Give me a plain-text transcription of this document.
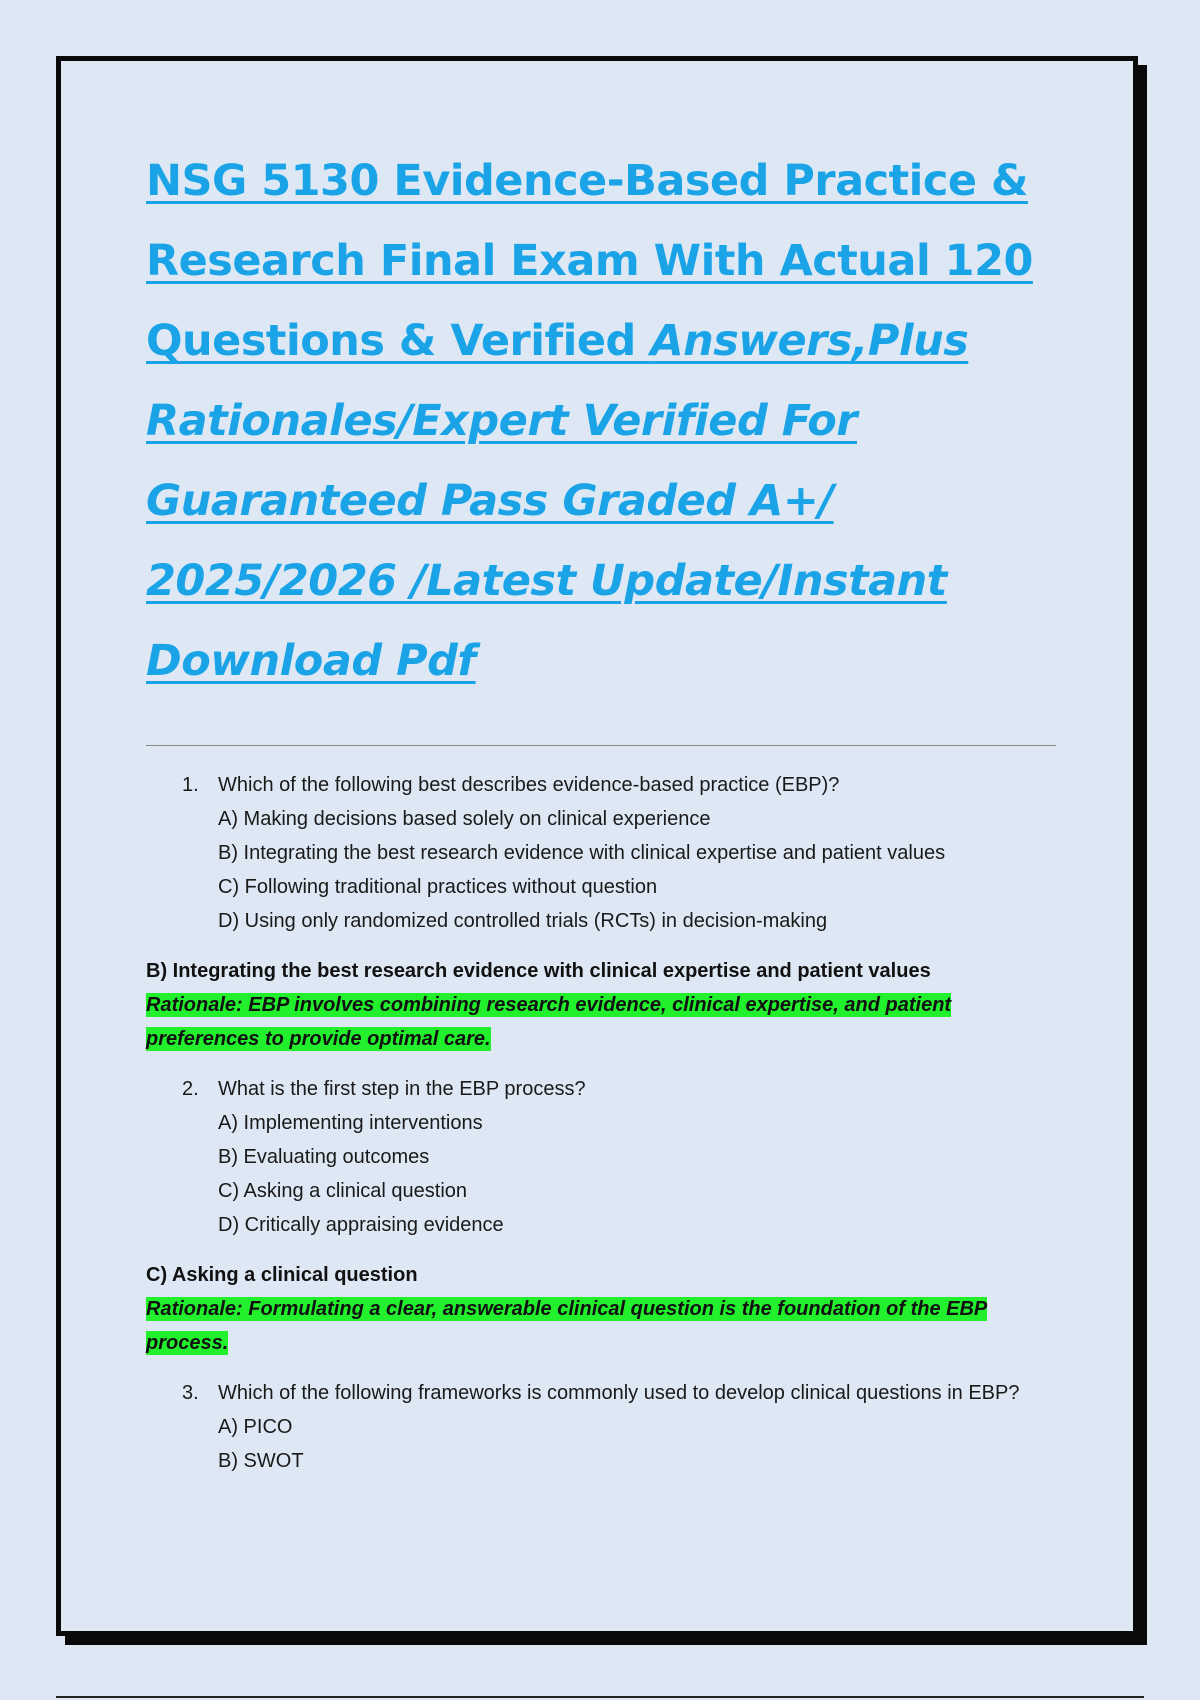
NSG 5130 Evidence-Based Practice & Research Final Exam With Actual 120 Questions & Verified Answers,Plus Rationales/Expert Verified For Guaranteed Pass Graded A+/ 2025/2026 /Latest Update/Instant Download Pdf
1. Which of the following best describes evidence-based practice (EBP)?
A) Making decisions based solely on clinical experience
B) Integrating the best research evidence with clinical expertise and patient values
C) Following traditional practices without question
D) Using only randomized controlled trials (RCTs) in decision-making
B) Integrating the best research evidence with clinical expertise and patient values
Rationale: EBP involves combining research evidence, clinical expertise, and patient preferences to provide optimal care.
2. What is the first step in the EBP process?
A) Implementing interventions
B) Evaluating outcomes
C) Asking a clinical question
D) Critically appraising evidence
C) Asking a clinical question
Rationale: Formulating a clear, answerable clinical question is the foundation of the EBP process.
3. Which of the following frameworks is commonly used to develop clinical questions in EBP?
A) PICO
B) SWOT
